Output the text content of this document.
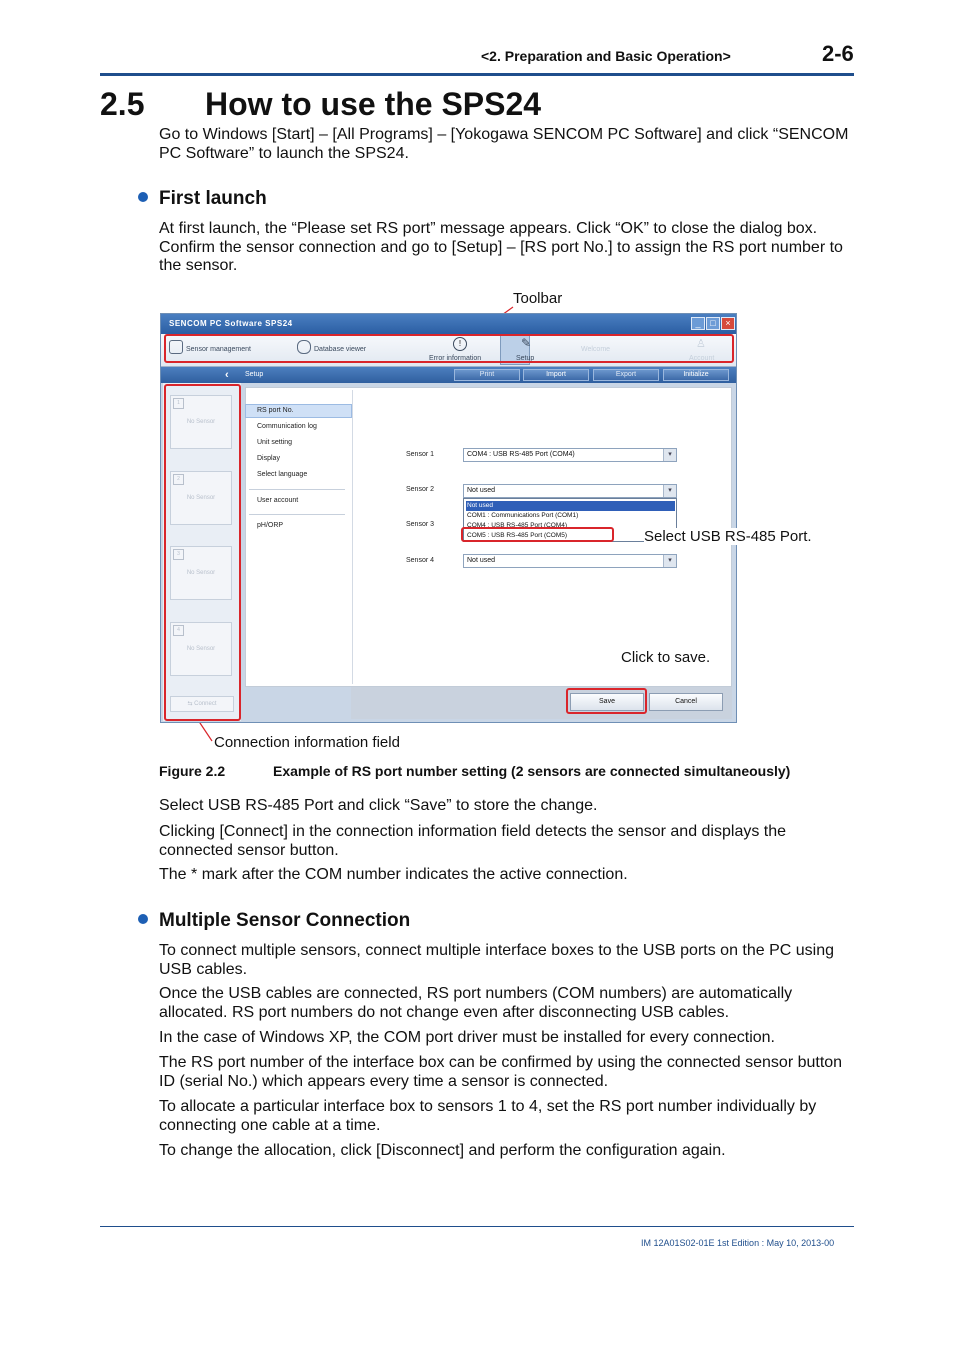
<2. Preparation and Basic Operation>	2-6
2.5 How to use the SPS24

Go to Windows [Start] – [All Programs] – [Yokogawa SENCOM PC Software] and click “SENCOM PC Software” to launch the SPS24.

First launch

At first launch, the “Please set RS port” message appears. Click “OK” to close the dialog box. Confirm the sensor connection and go to [Setup] – [RS port No.] to assign the RS port number to the sensor.

Toolbar
SENCOM PC Software SPS24	_	□	×
Sensor management	Database viewer
Error information
!	✎
Setup
Welcome	♙
Account
‹ Setup	Print	Import	Export	Initialize
1
No Sensor
2
No Sensor
3
No Sensor
4
No Sensor
⇆ Connect
RS port No.
Communication log
Unit setting
Display
Select language
User account
pH/ORP
Sensor 1	COM4 : USB RS-485 Port (COM4)	▾
Sensor 2	Not used	▾
Not used
COM1 : Communications Port (COM1)
COM4 : USB RS-485 Port (COM4)
COM5 : USB RS-485 Port (COM5)
Sensor 3
Sensor 4	Not used	▾
Save	Cancel
Select USB RS-485 Port.
Click to save.
Connection information field
Figure 2.2	Example of RS port number setting (2 sensors are connected simultaneously)

Select USB RS-485 Port and click “Save” to store the change.

Clicking [Connect] in the connection information field detects the sensor and displays the connected sensor button.

The * mark after the COM number indicates the active connection.

Multiple Sensor Connection

To connect multiple sensors, connect multiple interface boxes to the USB ports on the PC using USB cables.

Once the USB cables are connected, RS port numbers (COM numbers) are automatically allocated. RS port numbers do not change even after disconnecting USB cables.

In the case of Windows XP, the COM port driver must be installed for every connection.

The RS port number of the interface box can be confirmed by using the connected sensor button ID (serial No.) which appears every time a sensor is connected.

To allocate a particular interface box to sensors 1 to 4, set the RS port number individually by connecting one cable at a time.

To change the allocation, click [Disconnect] and perform the configuration again.

IM 12A01S02-01E 1st Edition : May 10, 2013-00
